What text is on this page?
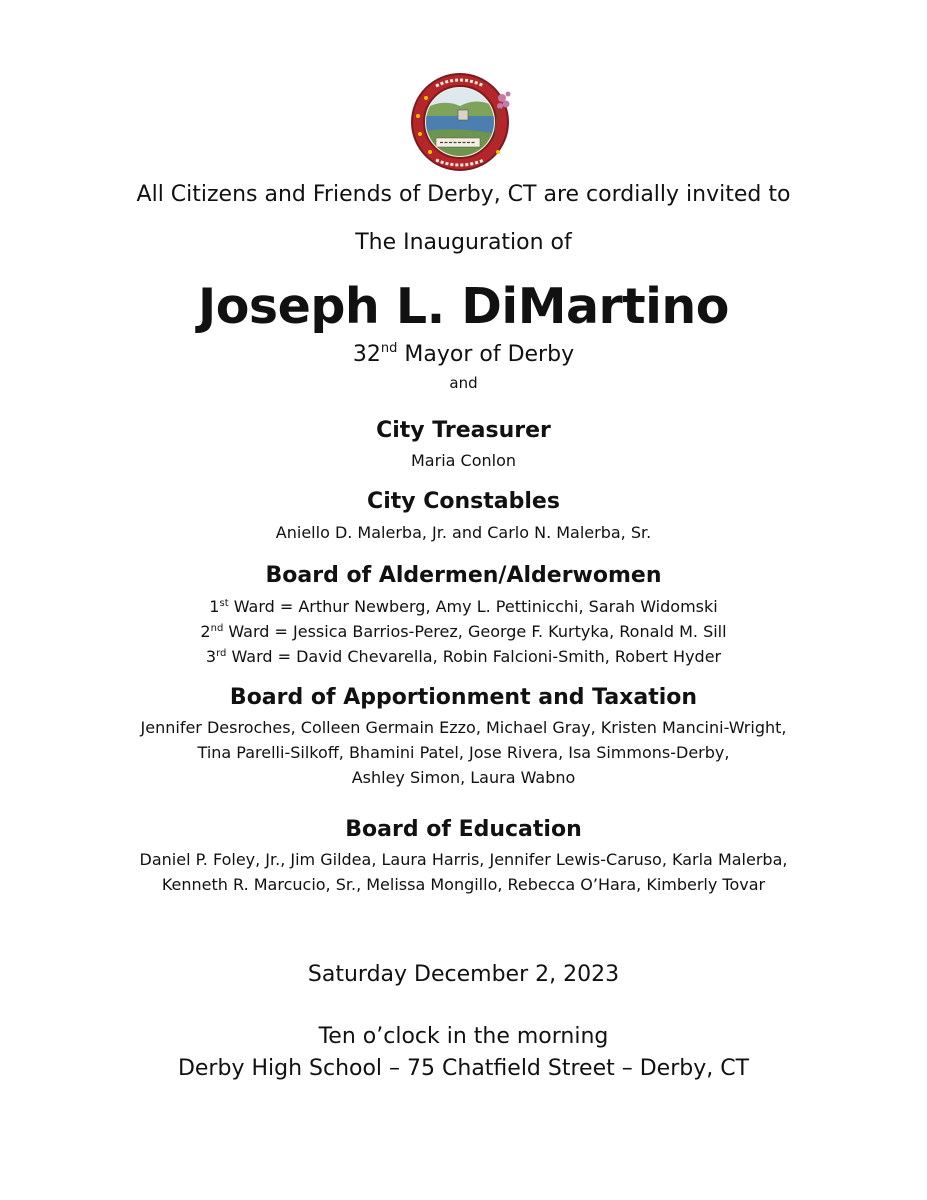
All Citizens and Friends of Derby, CT are cordially invited to
The Inauguration of
Joseph L. DiMartino
32nd Mayor of Derby
and
City Treasurer
Maria Conlon
City Constables
Aniello D. Malerba, Jr. and Carlo N. Malerba, Sr.
Board of Aldermen/Alderwomen
1st Ward = Arthur Newberg, Amy L. Pettinicchi, Sarah Widomski
2nd Ward = Jessica Barrios-Perez, George F. Kurtyka, Ronald M. Sill
3rd Ward = David Chevarella, Robin Falcioni-Smith, Robert Hyder
Board of Apportionment and Taxation
Jennifer Desroches, Colleen Germain Ezzo, Michael Gray, Kristen Mancini-Wright,
Tina Parelli-Silkoff, Bhamini Patel, Jose Rivera, Isa Simmons-Derby,
Ashley Simon, Laura Wabno
Board of Education
Daniel P. Foley, Jr., Jim Gildea, Laura Harris, Jennifer Lewis-Caruso, Karla Malerba,
Kenneth R. Marcucio, Sr., Melissa Mongillo, Rebecca O’Hara, Kimberly Tovar
Saturday December 2, 2023
Ten o’clock in the morning
Derby High School – 75 Chatfield Street – Derby, CT
